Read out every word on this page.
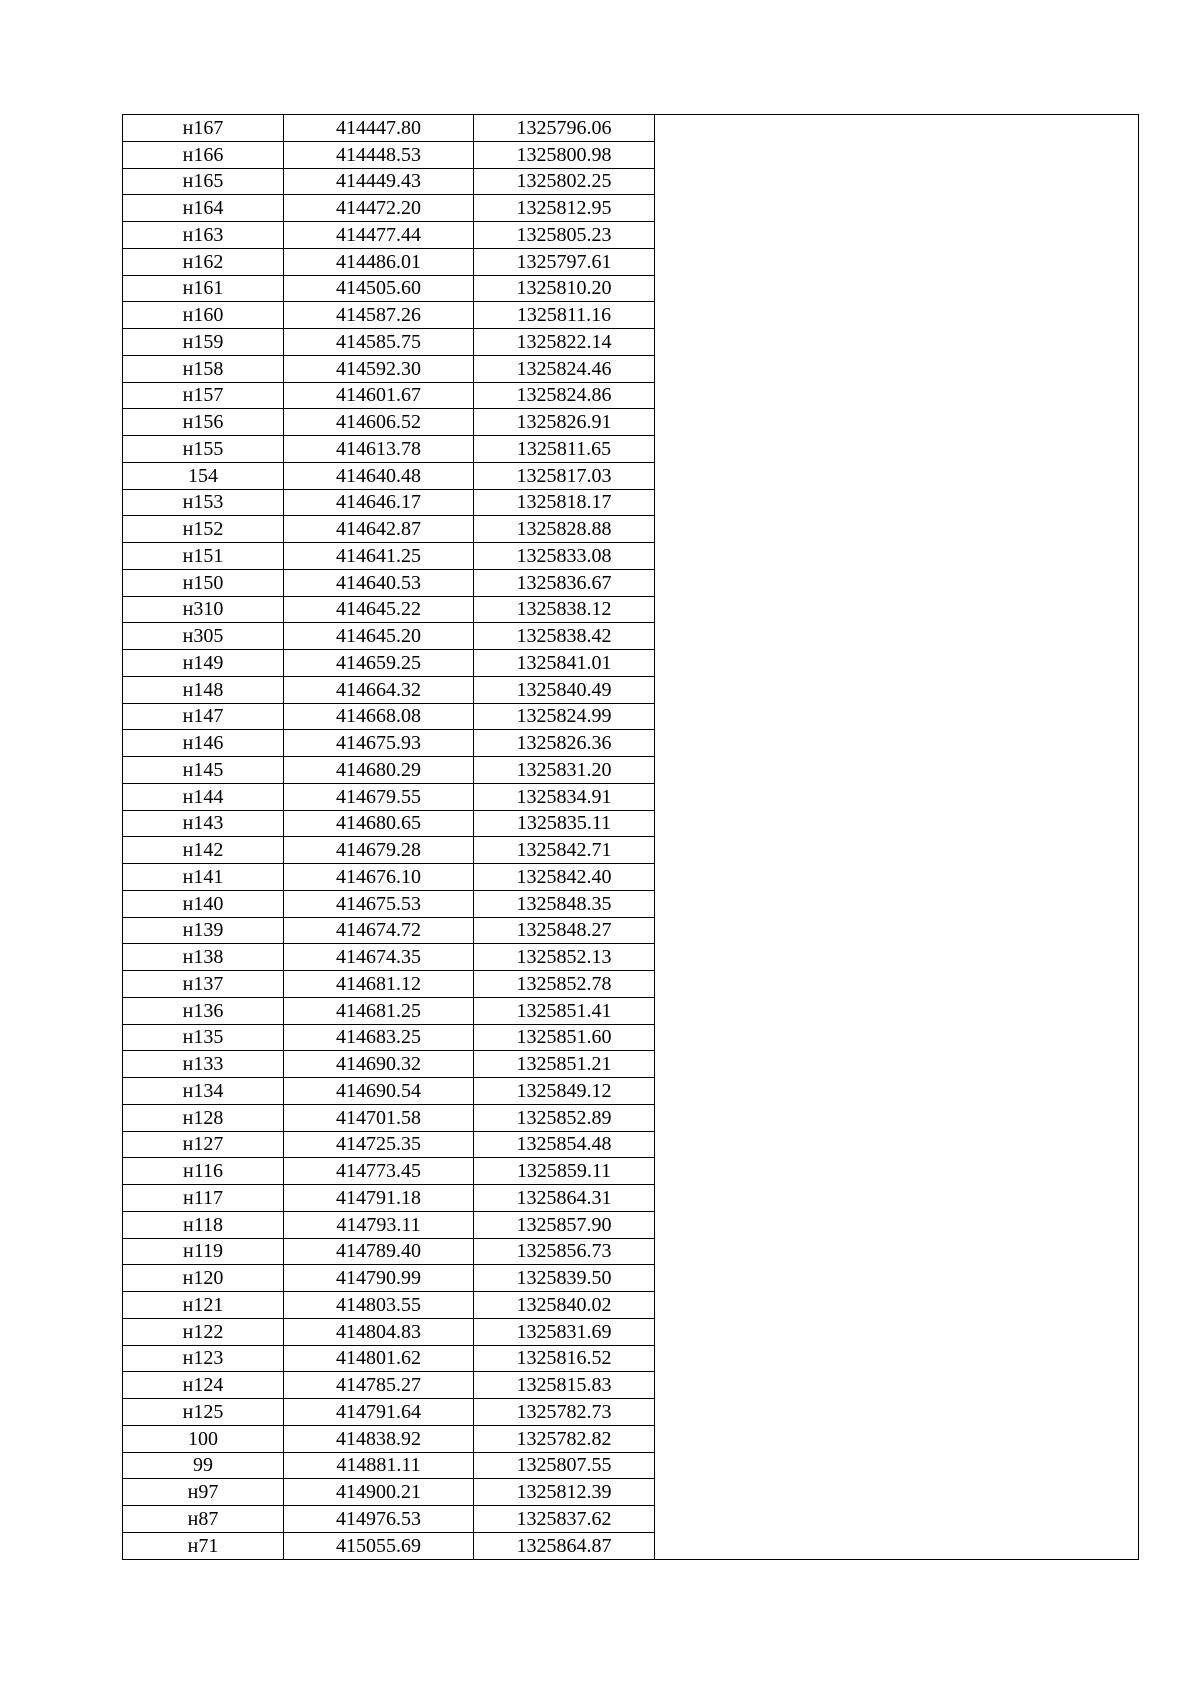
н167	414447.80	1325796.06	
н166	414448.53	1325800.98	
н165	414449.43	1325802.25	
н164	414472.20	1325812.95	
н163	414477.44	1325805.23	
н162	414486.01	1325797.61	
н161	414505.60	1325810.20	
н160	414587.26	1325811.16	
н159	414585.75	1325822.14	
н158	414592.30	1325824.46	
н157	414601.67	1325824.86	
н156	414606.52	1325826.91	
н155	414613.78	1325811.65	
154	414640.48	1325817.03	
н153	414646.17	1325818.17	
н152	414642.87	1325828.88	
н151	414641.25	1325833.08	
н150	414640.53	1325836.67	
н310	414645.22	1325838.12	
н305	414645.20	1325838.42	
н149	414659.25	1325841.01	
н148	414664.32	1325840.49	
н147	414668.08	1325824.99	
н146	414675.93	1325826.36	
н145	414680.29	1325831.20	
н144	414679.55	1325834.91	
н143	414680.65	1325835.11	
н142	414679.28	1325842.71	
н141	414676.10	1325842.40	
н140	414675.53	1325848.35	
н139	414674.72	1325848.27	
н138	414674.35	1325852.13	
н137	414681.12	1325852.78	
н136	414681.25	1325851.41	
н135	414683.25	1325851.60	
н133	414690.32	1325851.21	
н134	414690.54	1325849.12	
н128	414701.58	1325852.89	
н127	414725.35	1325854.48	
н116	414773.45	1325859.11	
н117	414791.18	1325864.31	
н118	414793.11	1325857.90	
н119	414789.40	1325856.73	
н120	414790.99	1325839.50	
н121	414803.55	1325840.02	
н122	414804.83	1325831.69	
н123	414801.62	1325816.52	
н124	414785.27	1325815.83	
н125	414791.64	1325782.73	
100	414838.92	1325782.82	
99	414881.11	1325807.55	
н97	414900.21	1325812.39	
н87	414976.53	1325837.62	
н71	415055.69	1325864.87	
